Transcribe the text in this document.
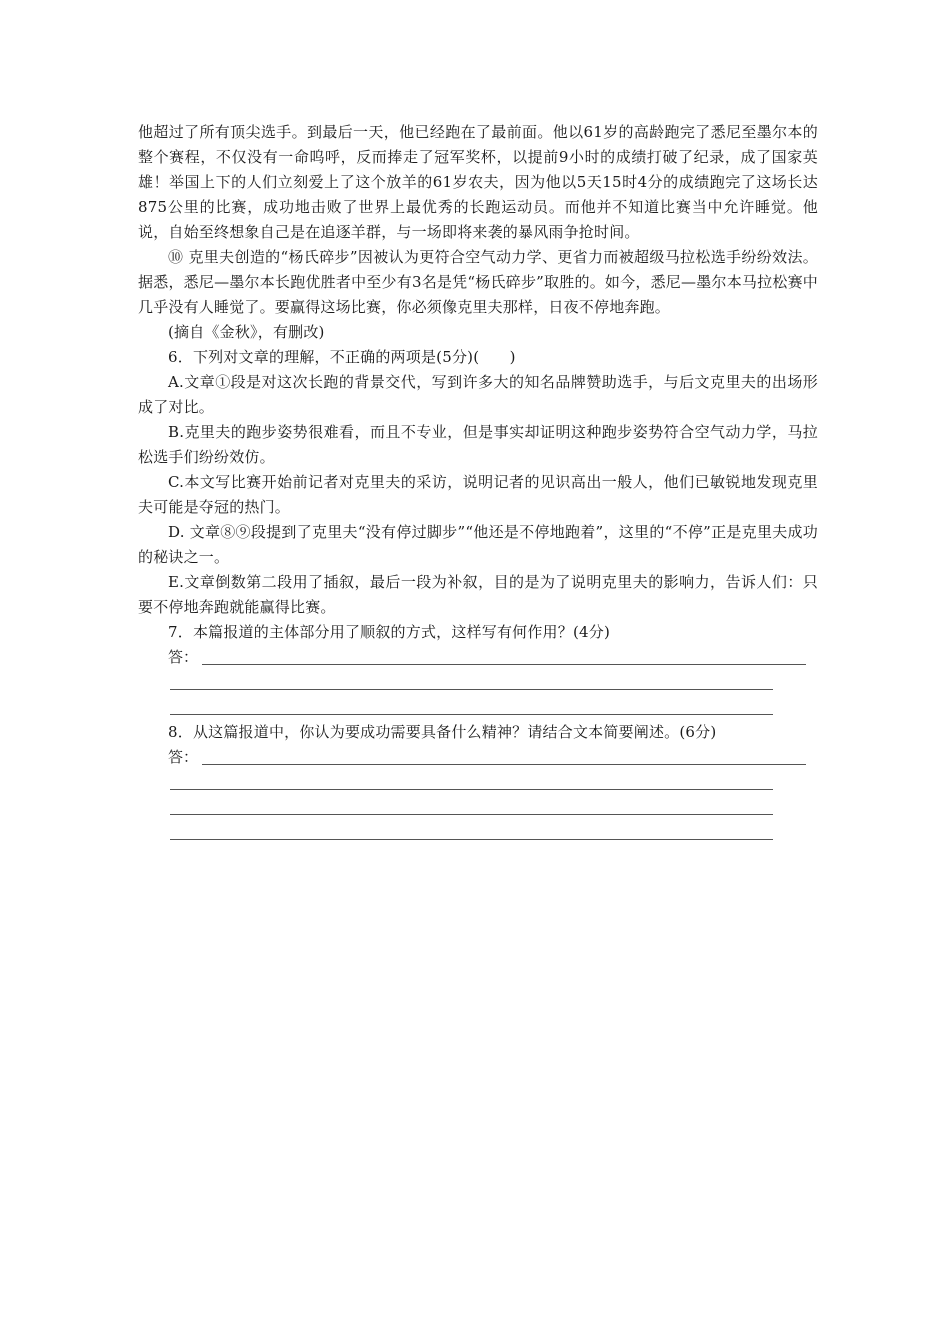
他超过了所有顶尖选手。到最后一天，他已经跑在了最前面。他以61岁的高龄跑完了悉尼至墨尔本的整个赛程，不仅没有一命呜呼，反而捧走了冠军奖杯，以提前9小时的成绩打破了纪录，成了国家英雄！举国上下的人们立刻爱上了这个放羊的61岁农夫，因为他以5天15时4分的成绩跑完了这场长达875公里的比赛，成功地击败了世界上最优秀的长跑运动员。而他并不知道比赛当中允许睡觉。他说，自始至终想象自己是在追逐羊群，与一场即将来袭的暴风雨争抢时间。

⑩ 克里夫创造的“杨氏碎步”因被认为更符合空气动力学、更省力而被超级马拉松选手纷纷效法。据悉，悉尼—墨尔本长跑优胜者中至少有3名是凭“杨氏碎步”取胜的。如今，悉尼—墨尔本马拉松赛中几乎没有人睡觉了。要赢得这场比赛，你必须像克里夫那样，日夜不停地奔跑。

(摘自《金秋》，有删改)

6．下列对文章的理解，不正确的两项是(5分)(　　)

A.文章①段是对这次长跑的背景交代，写到许多大的知名品牌赞助选手，与后文克里夫的出场形成了对比。

B.克里夫的跑步姿势很难看，而且不专业，但是事实却证明这种跑步姿势符合空气动力学，马拉松选手们纷纷效仿。

C.本文写比赛开始前记者对克里夫的采访，说明记者的见识高出一般人，他们已敏锐地发现克里夫可能是夺冠的热门。

D. 文章⑧⑨段提到了克里夫“没有停过脚步”“他还是不停地跑着”，这里的“不停”正是克里夫成功的秘诀之一。

E.文章倒数第二段用了插叙，最后一段为补叙，目的是为了说明克里夫的影响力，告诉人们：只要不停地奔跑就能赢得比赛。

7．本篇报道的主体部分用了顺叙的方式，这样写有何作用？(4分)

答：

8．从这篇报道中，你认为要成功需要具备什么精神？请结合文本简要阐述。(6分)

答：
